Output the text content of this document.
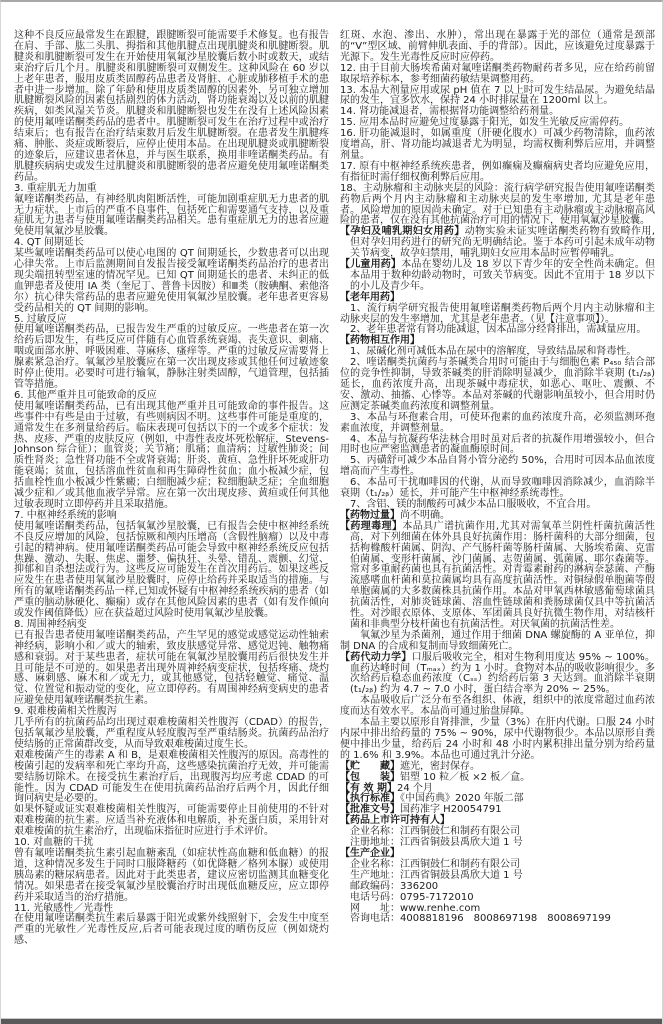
这种不良反应最常发生在跟腱，跟腱断裂可能需要手术修复。也有报告在肩、手部、肱二头肌、拇指和其他肌腱点出现肌腱炎和肌腱断裂。肌腱炎和肌腱断裂可发生在开始使用氧氟沙星胶囊后数小时或数天，或结束治疗后几个月。肌腱炎和肌腱断裂可双侧发生。这种风险在 60 岁以上老年患者，服用皮质类固醇药品患者及肾脏、心脏或肺移植手术的患者中进一步增加。除了年龄和使用皮质类固醇的因素外，另可独立增加肌腱断裂风险的因素包括剧烈的体力活动，肾功能衰竭以及以前的肌腱疾病，如类风湿关节炎。肌腱炎和肌腱断裂也发生在没有上述风险因素的使用氟喹诺酮类药品的患者中。肌腱断裂可发生在治疗过程中或治疗结束后；也有报告在治疗结束数月后发生肌腱断裂。在患者发生肌腱疼痛、肿胀、炎症或断裂后，应停止使用本品。在出现肌腱炎或肌腱断裂的迹象后，应建议患者休息，并与医生联系，换用非喹诺酮类药品。有肌腱疾病病史或发生过肌腱炎和肌腱断裂的患者应避免使用氟喹诺酮类药品。

3. 重症肌无力加重

氟喹诺酮类药品，有神经肌肉阻断活性，可能加剧重症肌无力患者的肌无力症状。上市后的严重不良事件，包括死亡和需要通气支持，以及重症肌无力患者与使用氟喹诺酮类药品相关。患有重症肌无力的患者应避免使用氧氟沙星胶囊。

4. QT 间期延长

某些氟喹诺酮类药品可以使心电图的 QT 间期延长，少数患者可以出现心律失常。上市后监测期间自发报告接受氟喹诺酮类药品治疗的患者出现尖端扭转型室速的情况罕见。已知 QT 间期延长的患者、未纠正的低血钾患者及使用 IA 类（奎尼丁、普鲁卡因胺）和Ⅲ类（胺碘酮、索他洛尔）抗心律失常药品的患者应避免使用氧氟沙星胶囊。老年患者更容易受药品相关的 QT 间期的影响。

5. 过敏反应

使用氟喹诺酮类药品，已报告发生严重的过敏反应。一些患者在第一次给药后即发生，有些反应可伴随有心血管系统衰竭、丧失意识、刺痛、咽或面部水肿、呼吸困难、荨麻疹、瘙痒等。严重的过敏反应需要肾上腺素紧急治疗。氧氟沙星胶囊应在第一次出现皮疹或其他任何过敏迹象时停止使用。必要时可进行输氧，静脉注射类固醇，气道管理，包括插管等措施。

6. 其他严重并且可能致命的反应

使用氟喹诺酮类药品，已有出现其他严重并且可能致命的事件报告。这些事件中有些是由于过敏，有些则病因不明。这些事件可能是重度的，通常发生在多剂量给药后。临床表现可包括以下的一个或多个症状：发热、皮疹、严重的皮肤反应（例如，中毒性表皮坏死松解症，Stevens-Johnson 综合征）；血管炎；关节痛；肌痛；血清病；过敏性肺炎；间质性肾炎；急性肾功能不全或肾衰竭；肝炎、黄疸、急性肝坏死或肝功能衰竭；贫血，包括溶血性贫血和再生障碍性贫血；血小板减少症，包括血栓性血小板减少性紫癜；白细胞减少症；粒细胞缺乏症；全血细胞减少症和／或其他血液学异常。应在第一次出现皮疹、黄疸或任何其他过敏表现时立即停药并且采取措施。

7. 中枢神经系统的影响

使用氟喹诺酮类药品，包括氧氟沙星胶囊，已有报告会使中枢神经系统不良反应增加的风险，包括惊厥和颅内压增高（含假性脑瘤）以及中毒引起的精神病。使用氟喹诺酮类药品可能会导致中枢神经系统反应包括焦躁、激动、失眠、焦虑、噩梦、偏执狂、头晕、错乱、震颤、幻觉、抑郁和自杀想法或行为。这些反应可能发生在首次用药后。如果这些反应发生在患者使用氧氟沙星胶囊时，应停止给药并采取适当的措施。与所有的氟喹诺酮类药品一样,已知或怀疑有中枢神经系统疾病的患者（如严重的脑动脉硬化、癫痫）或存在其他风险因素的患者（如有发作倾向或发作阈值降低）应在获益超过风险时使用氧氟沙星胶囊。

8. 周围神经病变

已有报告患者使用氟喹诺酮类药品，产生罕见的感觉或感觉运动性轴索神经病，影响小和／或大的轴索，致皮肤感觉异常、感觉迟钝、触物痛感和衰弱。对于某些患者，症状可能在氧氟沙星胶囊用药后很快发生并且可能是不可逆的。如果患者出现外周神经病变症状，包括疼痛、烧灼感、麻刺感、麻木和／或无力，或其他感觉，包括轻触觉、痛觉、温觉、位置觉和振动觉的变化，应立即停药。有周围神经病变病史的患者应避免使用氟喹诺酮类抗生素。

9. 艰难梭菌相关性腹泻

几乎所有的抗菌药品均出现过艰难梭菌相关性腹泻（CDAD）的报告，包括氧氟沙星胶囊，严重程度从轻度腹泻至严重结肠炎。抗菌药品治疗使结肠的正常菌群改变，从而导致艰难梭菌过度生长。

艰难梭菌产生的毒素 A 和 B，是艰难梭菌相关性腹泻的原因。高毒性的梭菌引起的发病率和死亡率均升高，这些感染抗菌治疗无效，并可能需要结肠切除术。在接受抗生素治疗后，出现腹泻均应考虑 CDAD 的可能性。因为 CDAD 可能发生在使用抗菌药品治疗后两个月，因此仔细询问病史是必要的。

如果怀疑或证实艰难梭菌相关性腹泻，可能需要停止目前使用的不针对艰难梭菌的抗生素。应适当补充液体和电解质，补充蛋白质，采用针对艰难梭菌的抗生素治疗，出现临床指征时应进行手术评价。

10. 对血糖的干扰

曾有氟喹诺酮类抗生素引起血糖紊乱（如症状性高血糖和低血糖）的报道，这种情况多发生于同时口服降糖药（如优降糖／格列本脲）或使用胰岛素的糖尿病患者。因此对于此类患者，建议应密切监测其血糖变化情况。如果患者在接受氧氟沙星胶囊治疗时出现低血糖反应，应立即停药并采取适当的治疗措施。

11. 光敏感性／光毒性

在使用氟喹诺酮类抗生素后暴露于阳光或紫外线照射下，会发生中度至严重的光敏性／光毒性反应,后者可能表现过度的晒伤反应（例如烧灼感、

红斑、水泡、渗出、水肿），常出现在暴露于光的部位（通常是颈部的“V”型区域、前臂伸肌表面、手的背部）。因此，应该避免过度暴露于光源下。发生光毒性反应时应停药。

12. 由于目前大肠埃希菌对氟喹诺酮类药物耐药者多见，应在给药前留取尿培养标本，参考细菌药敏结果调整用药。

13. 本品大剂量应用或尿 pH 值在 7 以上时可发生结晶尿。为避免结晶尿的发生，宜多饮水，保持 24 小时排尿量在 1200ml 以上。

14. 肾功能减退者，需根据肾功能调整给药剂量。

15. 应用本品时应避免过度暴露于阳光，如发生光敏反应需停药。

16. 肝功能减退时，如属重度（肝硬化腹水）可减少药物清除，血药浓度增高，肝、肾功能均减退者尤为明显，均需权衡利弊后应用，并调整剂量。

17. 原有中枢神经系统疾患者，例如癫痫及癫痫病史者均应避免应用，有指征时需仔细权衡利弊后应用。

18、主动脉瘤和主动脉夹层的风险：流行病学研究报告使用氟喹诺酮类药物后两个月内主动脉瘤和主动脉夹层的发生率增加, 尤其是老年患者。风险增加的原因尚未确定。对于已知患有主动脉瘤或主动脉瘤高风险的患者，仅在没有其他抗菌治疗可用的情况下，使用氧氟沙星胶囊。

【孕妇及哺乳期妇女用药】动物实验未证实喹诺酮类药物有致畸作用, 但对孕妇用药进行的研究尚无明确结论。鉴于本药可引起未成年动物关节病变，故孕妇禁用，哺乳期妇女应用本品时应暂停哺乳。

【儿童用药】本品在婴幼儿及 18 岁以下青少年的安全性尚未确定。但本品用于数种幼龄动物时，可致关节病变。因此不宜用于 18 岁以下的小儿及青少年。

【老年用药】

1、流行病学研究报告使用氟喹诺酮类药物后两个月内主动脉瘤和主动脉夹层的发生率增加，尤其是老年患者。（见【注意事项】）。

2、老年患者常有肾功能减退，因本品部分经肾排出，需减量应用。

【药物相互作用】

1、尿碱化剂可减低本品在尿中的溶解度，导致结晶尿和肾毒性。

2、喹诺酮类抗菌药与茶碱类合用时可能由于与细胞色素 P₄₅₀ 结合部位的竞争性抑制，导致茶碱类的肝消除明显减少，血消除半衰期 (t₁/₂ᵦ) 延长，血药浓度升高，出现茶碱中毒症状，如恶心、呕吐、震颤、不安、激动、抽搐、心悸等。本品对茶碱的代谢影响虽较小，但合用时仍应测定茶碱类血药浓度和调整剂量。

3、本品与环孢素合用，可使环孢素的血药浓度升高，必须监测环孢素血浓度，并调整剂量。

4、本品与抗凝药华法林合用时虽对后者的抗凝作用增强较小，但合用时也应严密监测患者的凝血酶原时间。

5、丙磺舒可减少本品自肾小管分泌约 50%，合用时可因本品血浓度增高而产生毒性。

6、本品可干扰咖啡因的代谢，从而导致咖啡因消除减少，血消除半衰期（t₁/₂ᵦ）延长，并可能产生中枢神经系统毒性。

7、含铝、镁的制酸药可减少本品口服吸收，不宜合用。

【药物过量】尚不明确。

【药理毒理】本品具广谱抗菌作用,尤其对需氧革兰阴性杆菌抗菌活性高，对下列细菌在体外具良好抗菌作用：肠杆菌科的大部分细菌，包括枸橼酸杆菌属、阴沟、产气肠杆菌等肠杆菌属、大肠埃希菌、克雷伯菌属、变形杆菌属、沙门菌属、志贺菌属、弧菌属、耶尔森菌等。常对多重耐药菌也具有抗菌活性。对青霉素耐药的淋病奈瑟菌、产酶流感嗜血杆菌和莫拉菌属均具有高度抗菌活性。对铜绿假单胞菌等假单胞菌属的大多数菌株具抗菌作用。本品对甲氧西林敏感葡萄球菌具抗菌活性，对肺炎链球菌、溶血性链球菌和粪肠球菌仅具中等抗菌活性。对沙眼衣原体、支原体、军团菌具良好抗微生物作用，对结核杆菌和非典型分枝杆菌也有抗菌活性。对厌氧菌的抗菌活性差。

氧氟沙星为杀菌剂，通过作用于细菌 DNA 螺旋酶的 A 亚单位，抑制 DNA 的合成和复制而导致细菌死亡。

【药代动力学】口服后吸收完全，相对生物利用度达 95% ~ 100%。血药达峰时间（Tₘₐₓ）约为 1 小时。食物对本品的吸收影响很少。多次给药后稳态血药浓度（Cₛₛ）约给药后第 3 天达到。血消除半衰期(t₁/₂ᵦ) 约为 4.7 ~ 7.0 小时，蛋白结合率为 20% ~ 25%。

本品吸收后广泛分布至各组织、体液，组织中的浓度常超过血药浓度而达有效水平。本品尚可通过胎盘屏障。

本品主要以原形自肾排泄，少量（3%）在肝内代谢。口服 24 小时内尿中排出给药量的 75% ~ 90%，尿中代谢物很少。本品以原形自粪便中排出少量，给药后 24 小时和 48 小时内累积排出量分别为给药量的 1.6% 和 3.9%。本品也可通过乳汁分泌。

【贮　　藏】遮光，密封保存。

【包　　装】铝塑 10 粒／板 ×2 板／盒。

【有 效 期】24 个月

【执行标准】《中国药典》2020 年版二部

【批准文号】国药准字 H20054791

【药品上市许可持有人】

企业名称：江西铜鼓仁和制药有限公司

注册地址：江西省铜鼓县禹欣大道 1 号

【生产企业】

企业名称：江西铜鼓仁和制药有限公司

生产地址：江西省铜鼓县禹欣大道 1 号

邮政编码：336200

电话号码：0795-7172010

网　　址：www.renhe.com

咨询电话：4008818196　8008697198　8008697199
